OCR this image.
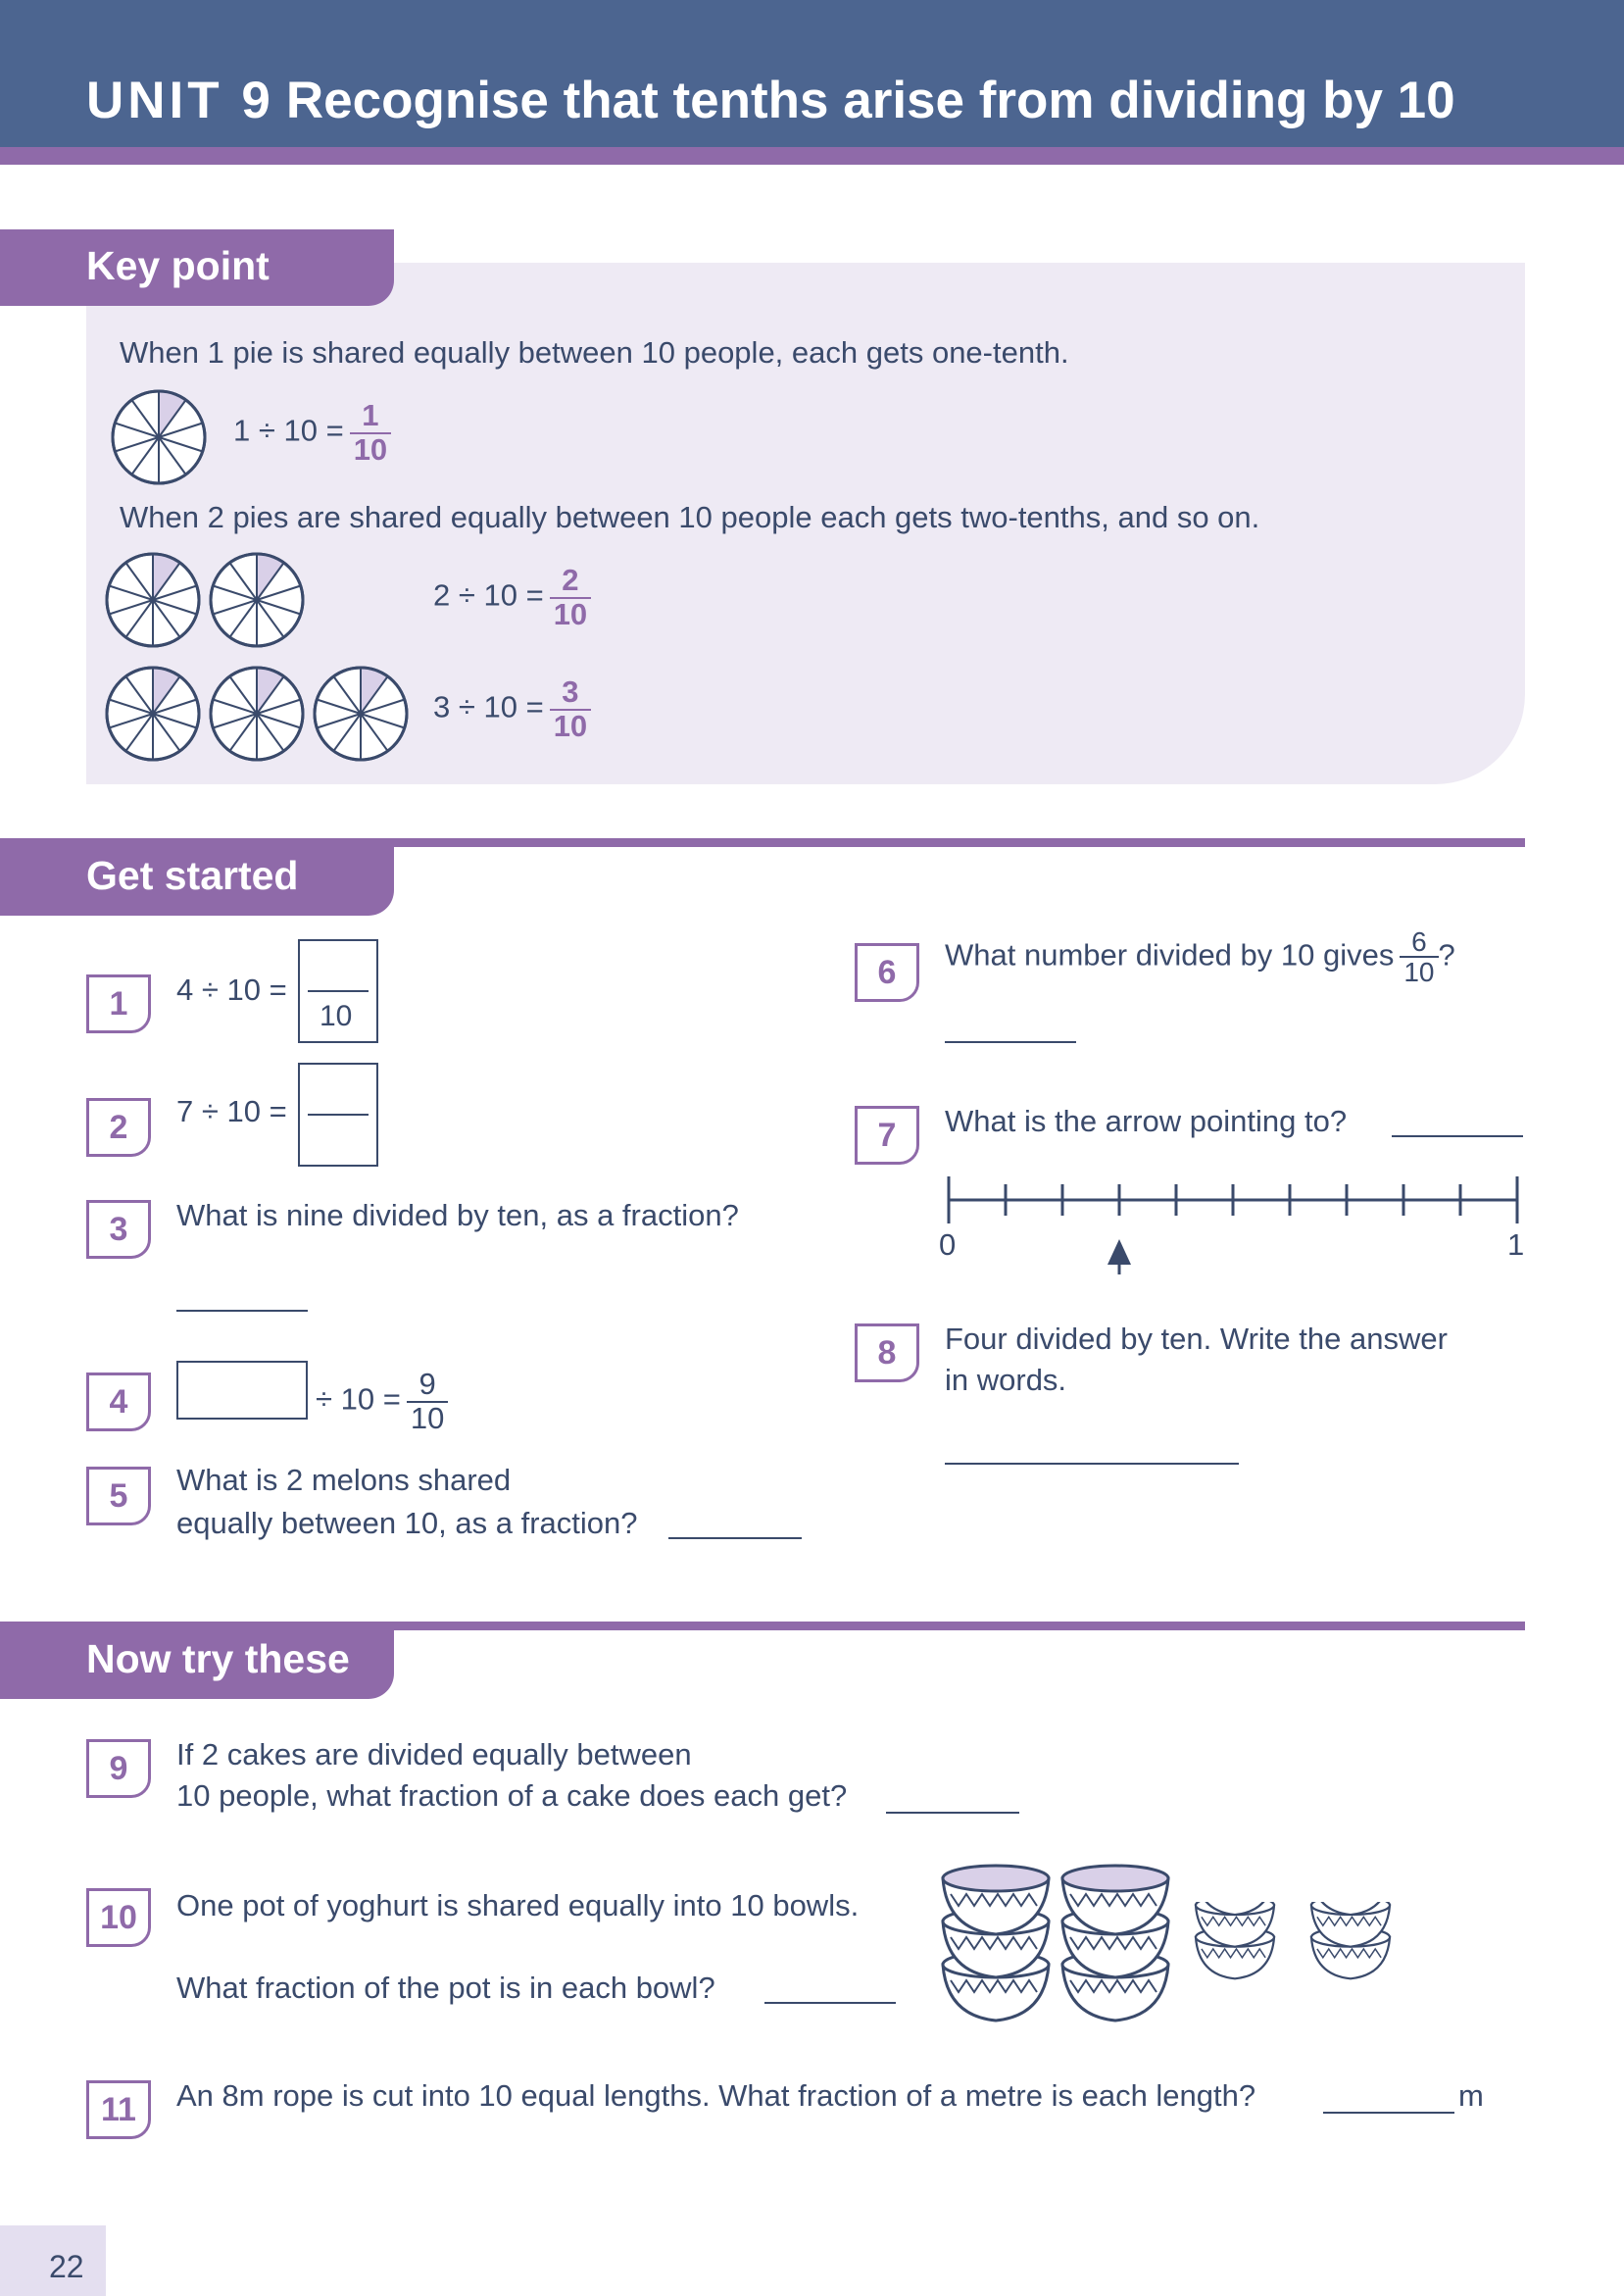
UNIT 9 Recognise that tenths arise from dividing by 10
Key point
When 1 pie is shared equally between 10 people, each gets one-tenth.
$1 \div 10 = \frac{1}{10}$
When 2 pies are shared equally between 10 people each gets two-tenths, and so on.
$2 \div 10 = \frac{2}{10}$
$3 \div 10 = \frac{3}{10}$
Get started
1	4 ÷ 10 =
10
2	7 ÷ 10 =
3	What is nine divided by ten, as a fraction?
4	÷ $10 = \frac{9}{10}$
5	What is 2 melons shared
equally between 10, as a fraction?
6	What number divided by 10 gives $\frac{6}{10}$ ?
7	What is the arrow pointing to?
0	1
8	Four divided by ten. Write the answer
in words.
Now try these
9	If 2 cakes are divided equally between
10 people, what fraction of a cake does each get?
10	One pot of yoghurt is shared equally into 10 bowls.
What fraction of the pot is in each bowl?
11	An 8m rope is cut into 10 equal lengths. What fraction of a metre is each length?	m
22
